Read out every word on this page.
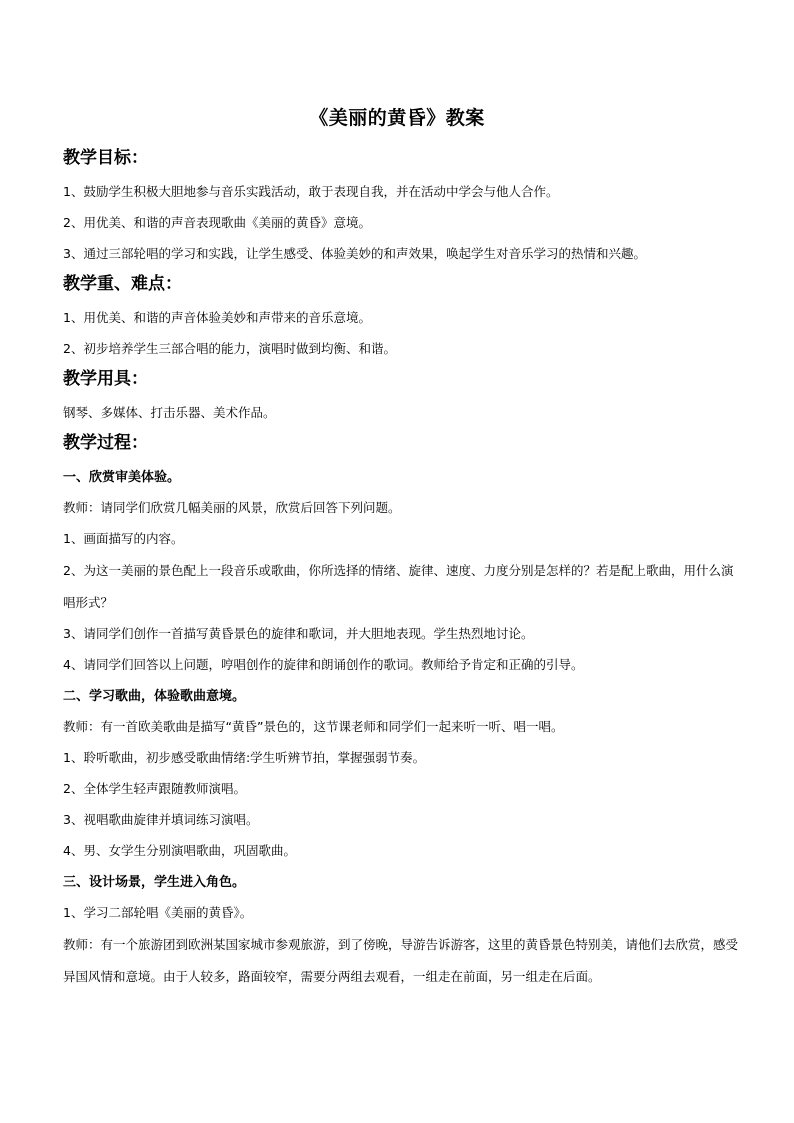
《美丽的黄昏》教案
教学目标：
1、鼓励学生积极大胆地参与音乐实践活动，敢于表现自我，并在活动中学会与他人合作。
2、用优美、和谐的声音表现歌曲《美丽的黄昏》意境。
3、通过三部轮唱的学习和实践，让学生感受、体验美妙的和声效果，唤起学生对音乐学习的热情和兴趣。
教学重、难点：
1、用优美、和谐的声音体验美妙和声带来的音乐意境。
2、初步培养学生三部合唱的能力，演唱时做到均衡、和谐。
教学用具：
钢琴、多媒体、打击乐器、美术作品。
教学过程：
一、欣赏审美体验。
教师：请同学们欣赏几幅美丽的风景，欣赏后回答下列问题。
1、画面描写的内容。
2、为这一美丽的景色配上一段音乐或歌曲，你所选择的情绪、旋律、速度、力度分别是怎样的？若是配上歌曲，用什么演唱形式？
3、请同学们创作一首描写黄昏景色的旋律和歌词，并大胆地表现。学生热烈地讨论。
4、请同学们回答以上问题，哼唱创作的旋律和朗诵创作的歌词。教师给予肯定和正确的引导。
二、学习歌曲，体验歌曲意境。
教师：有一首欧美歌曲是描写“黄昏”景色的，这节课老师和同学们一起来听一听、唱一唱。
1、聆听歌曲，初步感受歌曲情绪:学生听辨节拍，掌握强弱节奏。
2、全体学生轻声跟随教师演唱。
3、视唱歌曲旋律并填词练习演唱。
4、男、女学生分别演唱歌曲，巩固歌曲。
三、设计场景，学生进入角色。
1、学习二部轮唱《美丽的黄昏》。
教师：有一个旅游团到欧洲某国家城市参观旅游，到了傍晚，导游告诉游客，这里的黄昏景色特别美，请他们去欣赏，感受异国风情和意境。由于人较多，路面较窄，需要分两组去观看，一组走在前面，另一组走在后面。
